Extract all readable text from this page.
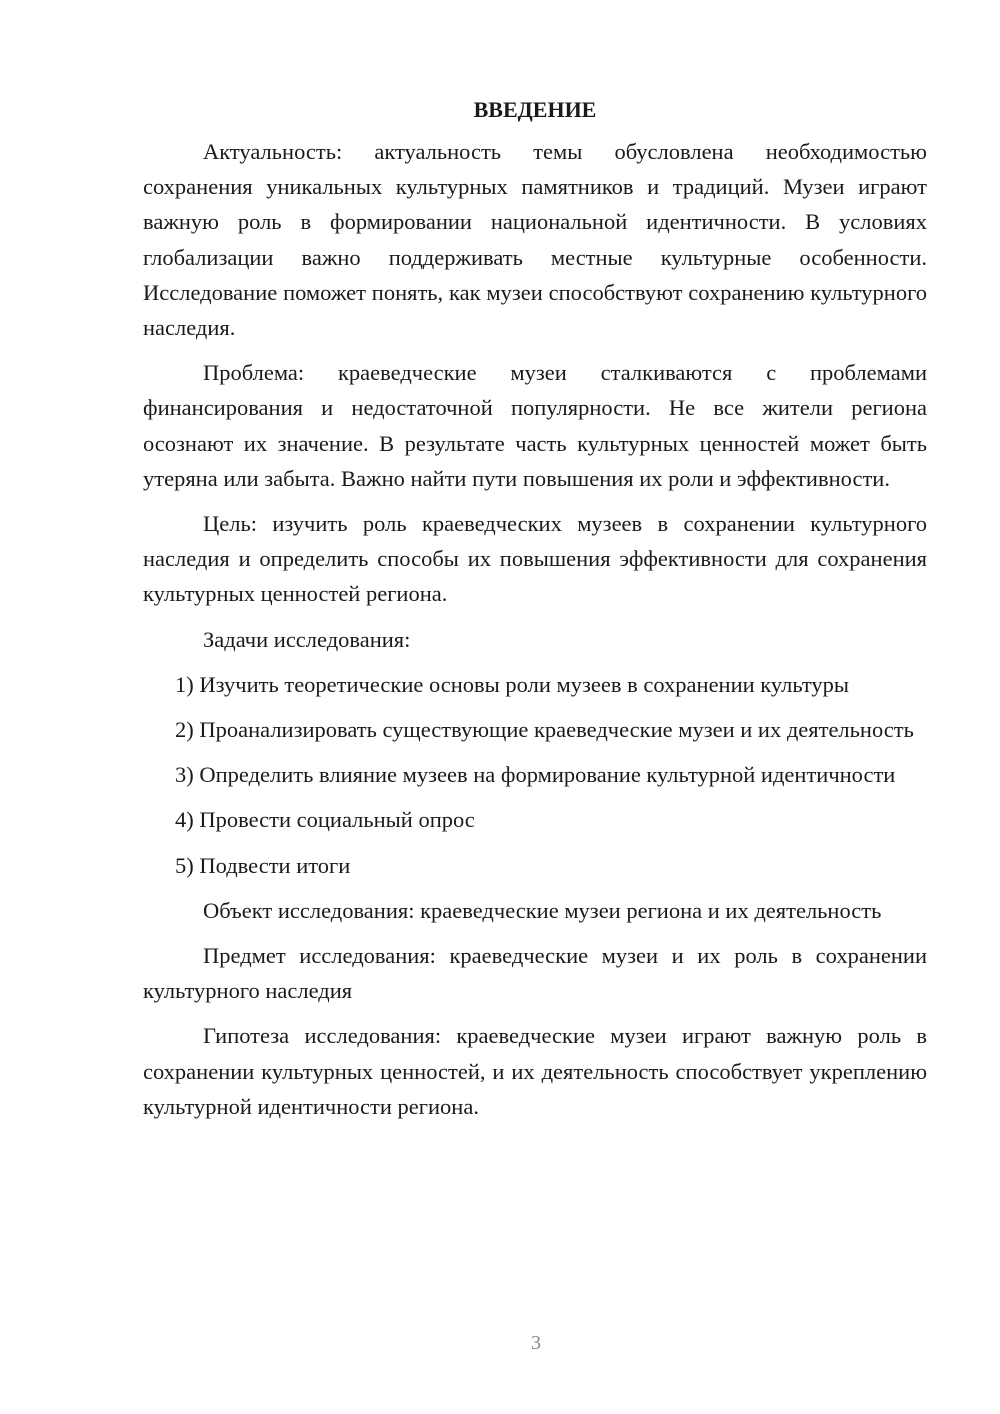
ВВЕДЕНИЕ

Актуальность: актуальность темы обусловлена необходимостью сохранения уникальных культурных памятников и традиций. Музеи играют важную роль в формировании национальной идентичности. В условиях глобализации важно поддерживать местные культурные особенности. Исследование поможет понять, как музеи способствуют сохранению культурного наследия.

Проблема: краеведческие музеи сталкиваются с проблемами финансирования и недостаточной популярности. Не все жители региона осознают их значение. В результате часть культурных ценностей может быть утеряна или забыта. Важно найти пути повышения их роли и эффективности.

Цель: изучить роль краеведческих музеев в сохранении культурного наследия и определить способы их повышения эффективности для сохранения культурных ценностей региона.

Задачи исследования:

1) Изучить теоретические основы роли музеев в сохранении культуры

2) Проанализировать существующие краеведческие музеи и их деятельность

3) Определить влияние музеев на формирование культурной идентичности

4) Провести социальный опрос

5) Подвести итоги

Объект исследования: краеведческие музеи региона и их деятельность

Предмет исследования: краеведческие музеи и их роль в сохранении культурного наследия

Гипотеза исследования: краеведческие музеи играют важную роль в сохранении культурных ценностей, и их деятельность способствует укреплению культурной идентичности региона.

3
